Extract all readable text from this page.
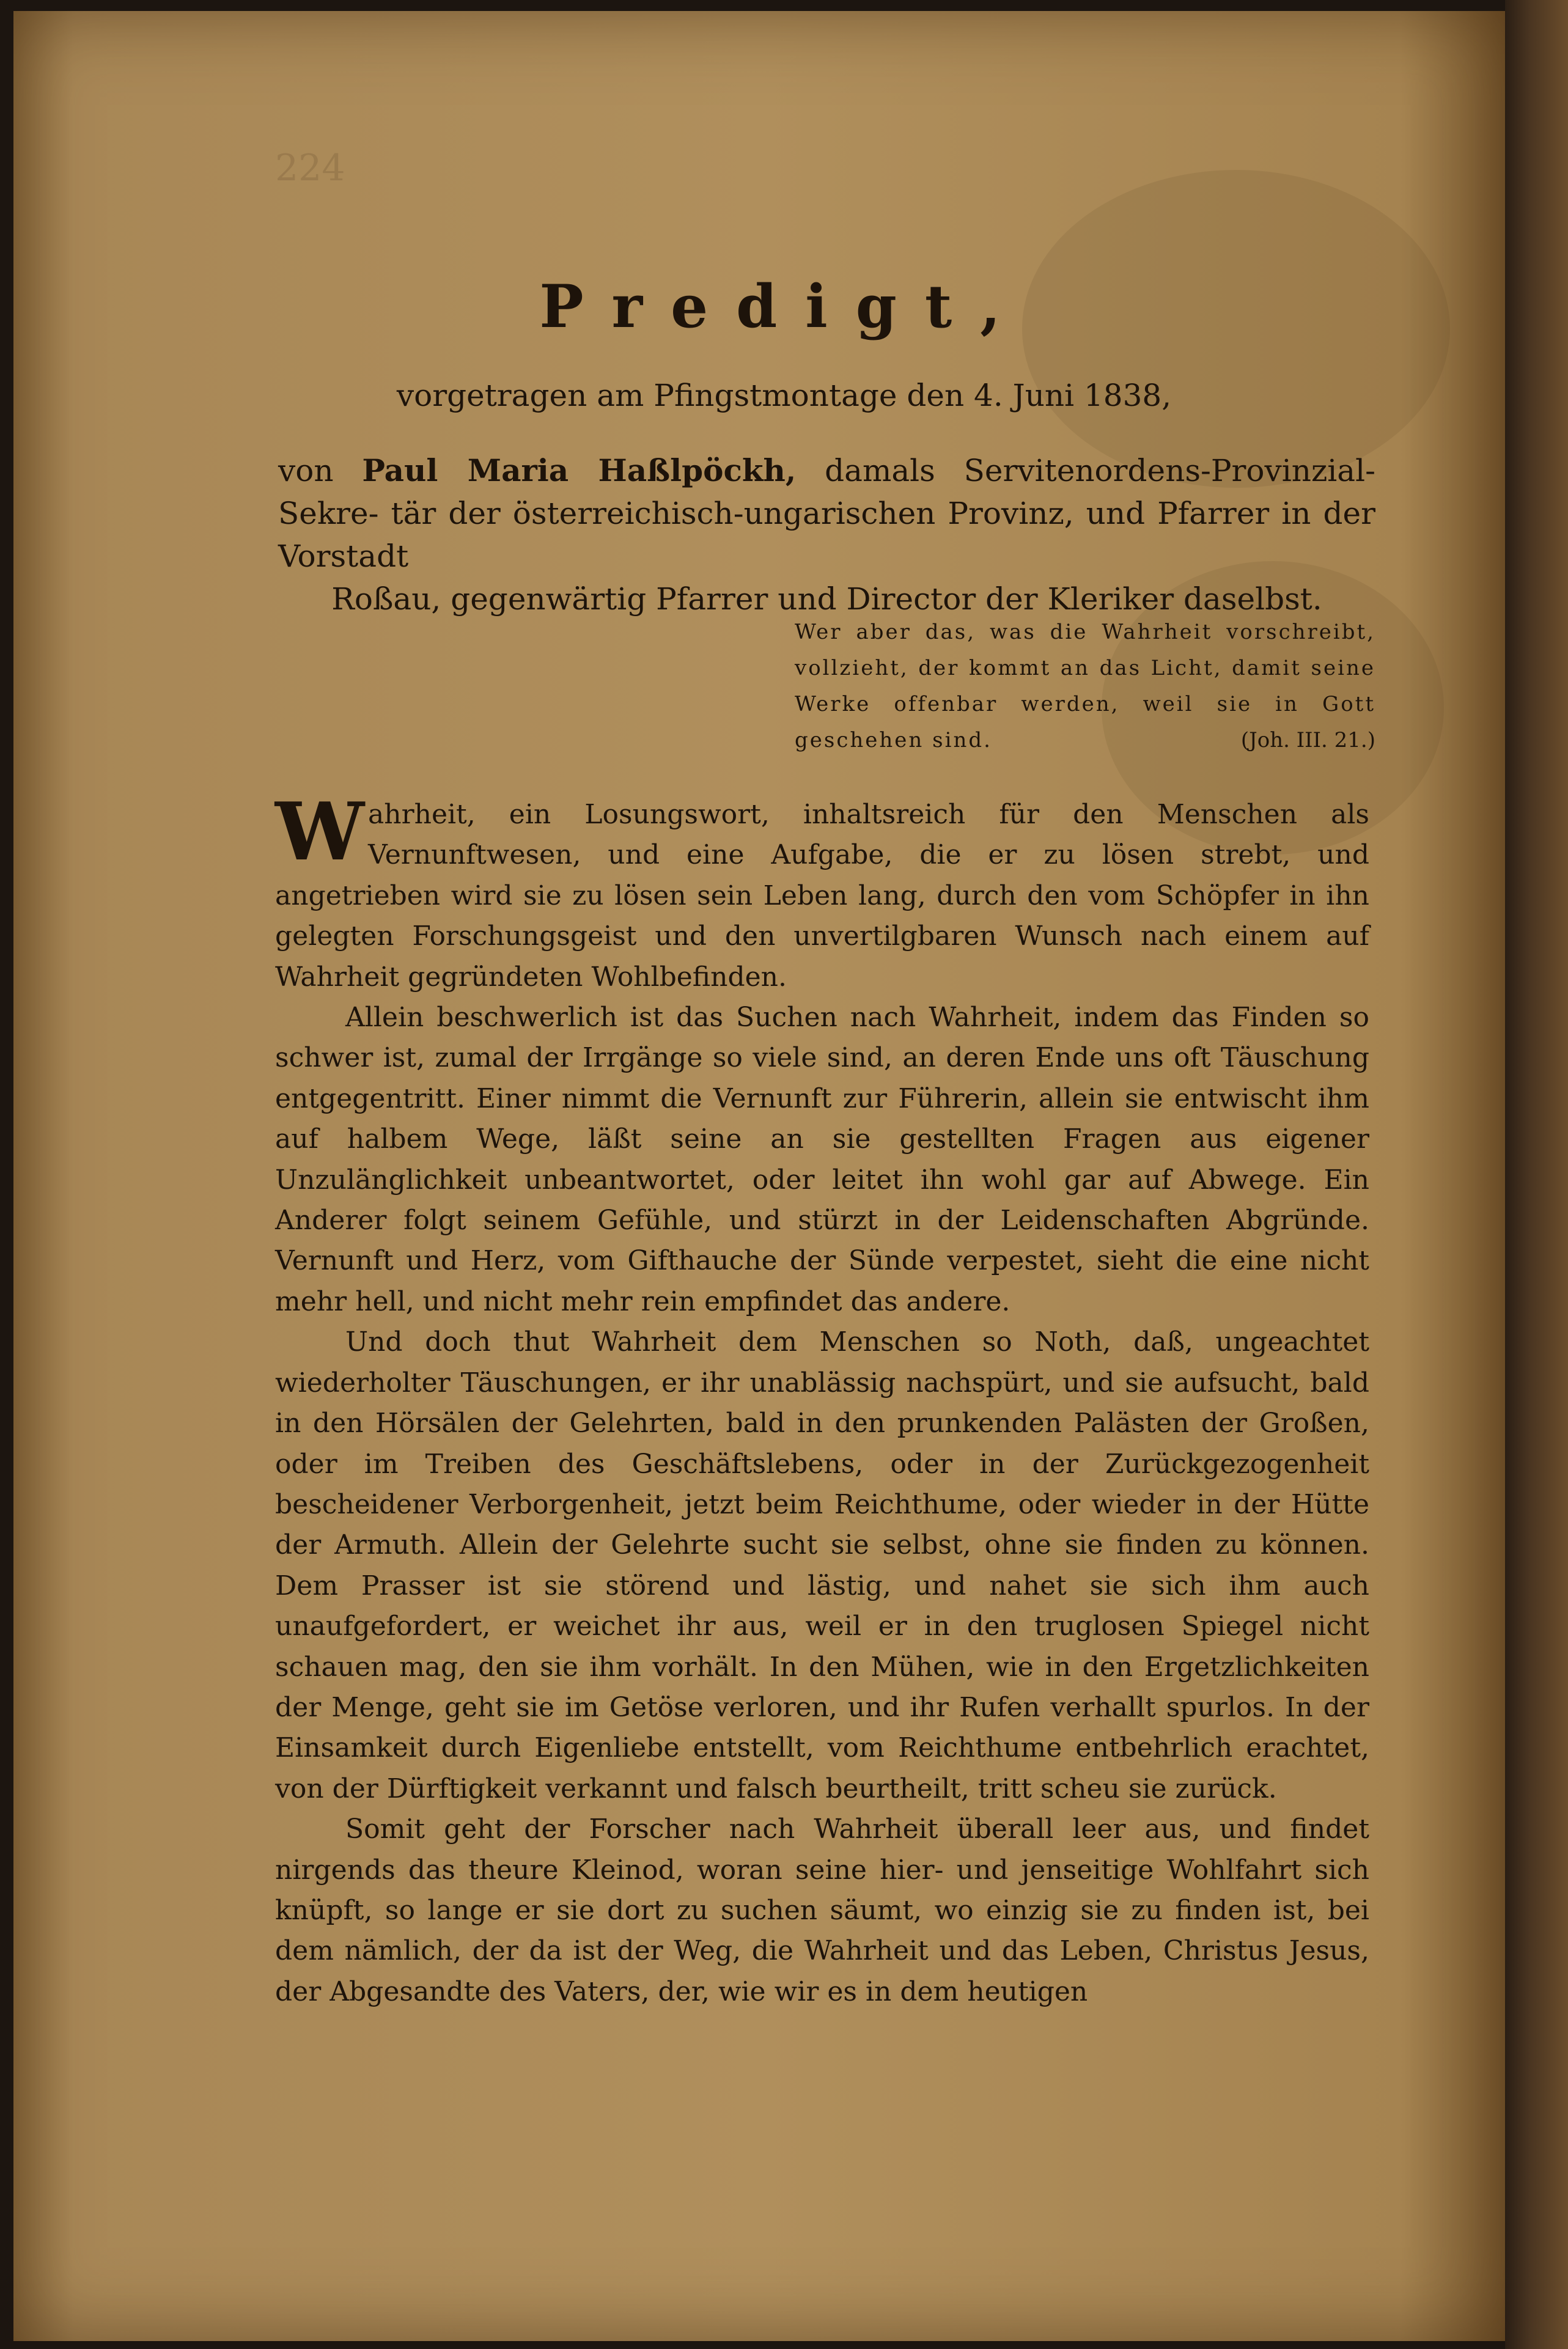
224
Predigt,
vorgetragen am Pfingstmontage den 4. Juni 1838,
von Paul Maria Haßlpöckh, damals Servitenordens-Provinzial-Sekre- tär der österreichisch-ungarischen Provinz, und Pfarrer in der Vorstadt
Roßau, gegenwärtig Pfarrer und Director der Kleriker daselbst.
Wer aber das, was die Wahrheit vorschreibt, vollzieht, der kommt an das Licht, damit seine Werke offenbar werden, weil sie in Gott geschehen sind.	(Joh. III. 21.)

Wahrheit, ein Losungswort, inhaltsreich für den Menschen als Vernunftwesen, und eine Aufgabe, die er zu lösen strebt, und angetrieben wird sie zu lösen sein Leben lang, durch den vom Schöpfer in ihn gelegten Forschungsgeist und den unvertilgbaren Wunsch nach einem auf Wahrheit gegründeten Wohlbefinden.

Allein beschwerlich ist das Suchen nach Wahrheit, indem das Finden so schwer ist, zumal der Irrgänge so viele sind, an deren Ende uns oft Täuschung entgegentritt. Einer nimmt die Vernunft zur Führerin, allein sie entwischt ihm auf halbem Wege, läßt seine an sie gestellten Fragen aus eigener Unzulänglichkeit unbeantwortet, oder leitet ihn wohl gar auf Abwege. Ein Anderer folgt seinem Gefühle, und stürzt in der Leidenschaften Abgründe. Vernunft und Herz, vom Gifthauche der Sünde verpestet, sieht die eine nicht mehr hell, und nicht mehr rein empfindet das andere.

Und doch thut Wahrheit dem Menschen so Noth, daß, ungeachtet wiederholter Täuschungen, er ihr unablässig nachspürt, und sie aufsucht, bald in den Hörsälen der Gelehrten, bald in den prunkenden Palästen der Großen, oder im Treiben des Geschäftslebens, oder in der Zurückgezogenheit bescheidener Verborgenheit, jetzt beim Reichthume, oder wieder in der Hütte der Armuth. Allein der Gelehrte sucht sie selbst, ohne sie finden zu können. Dem Prasser ist sie störend und lästig, und nahet sie sich ihm auch unaufgefordert, er weichet ihr aus, weil er in den truglosen Spiegel nicht schauen mag, den sie ihm vorhält. In den Mühen, wie in den Ergetzlichkeiten der Menge, geht sie im Getöse verloren, und ihr Rufen verhallt spurlos. In der Einsamkeit durch Eigenliebe entstellt, vom Reichthume entbehrlich erachtet, von der Dürftigkeit verkannt und falsch beurtheilt, tritt scheu sie zurück.

Somit geht der Forscher nach Wahrheit überall leer aus, und findet nirgends das theure Kleinod, woran seine hier- und jenseitige Wohlfahrt sich knüpft, so lange er sie dort zu suchen säumt, wo einzig sie zu finden ist, bei dem nämlich, der da ist der Weg, die Wahrheit und das Leben, Christus Jesus, der Abgesandte des Vaters, der, wie wir es in dem heutigen
